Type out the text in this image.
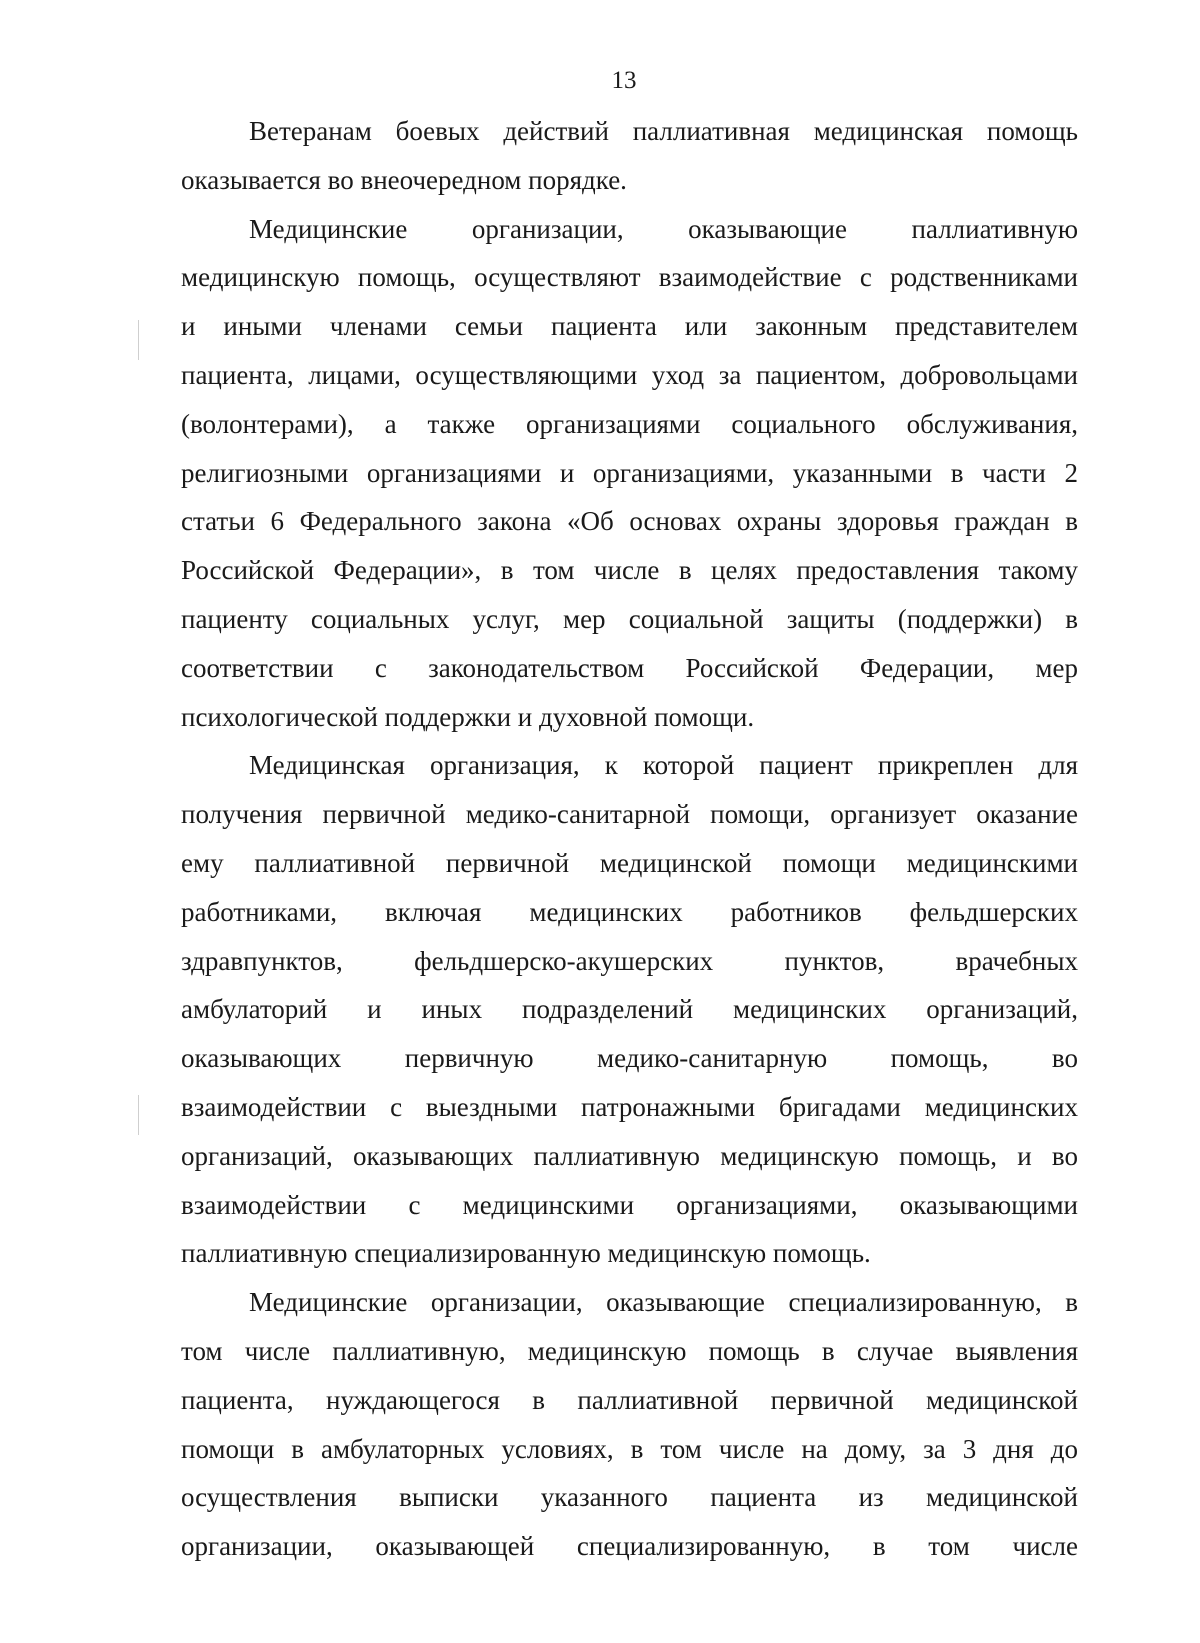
13

Ветеранам боевых действий паллиативная медицинская помощь
оказывается во внеочередном порядке.

Медицинские организации, оказывающие паллиативную
медицинскую помощь, осуществляют взаимодействие с родственниками
и иными членами семьи пациента или законным представителем
пациента, лицами, осуществляющими уход за пациентом, добровольцами
(волонтерами), а также организациями социального обслуживания,
религиозными организациями и организациями, указанными в части 2
статьи 6 Федерального закона «Об основах охраны здоровья граждан в
Российской Федерации», в том числе в целях предоставления такому
пациенту социальных услуг, мер социальной защиты (поддержки) в
соответствии с законодательством Российской Федерации, мер
психологической поддержки и духовной помощи.

Медицинская организация, к которой пациент прикреплен для
получения первичной медико-санитарной помощи, организует оказание
ему паллиативной первичной медицинской помощи медицинскими
работниками, включая медицинских работников фельдшерских
здравпунктов, фельдшерско-акушерских пунктов, врачебных
амбулаторий и иных подразделений медицинских организаций,
оказывающих первичную медико-санитарную помощь, во
взаимодействии с выездными патронажными бригадами медицинских
организаций, оказывающих паллиативную медицинскую помощь, и во
взаимодействии с медицинскими организациями, оказывающими
паллиативную специализированную медицинскую помощь.

Медицинские организации, оказывающие специализированную, в
том числе паллиативную, медицинскую помощь в случае выявления
пациента, нуждающегося в паллиативной первичной медицинской
помощи в амбулаторных условиях, в том числе на дому, за 3 дня до
осуществления выписки указанного пациента из медицинской
организации, оказывающей специализированную, в том числе
